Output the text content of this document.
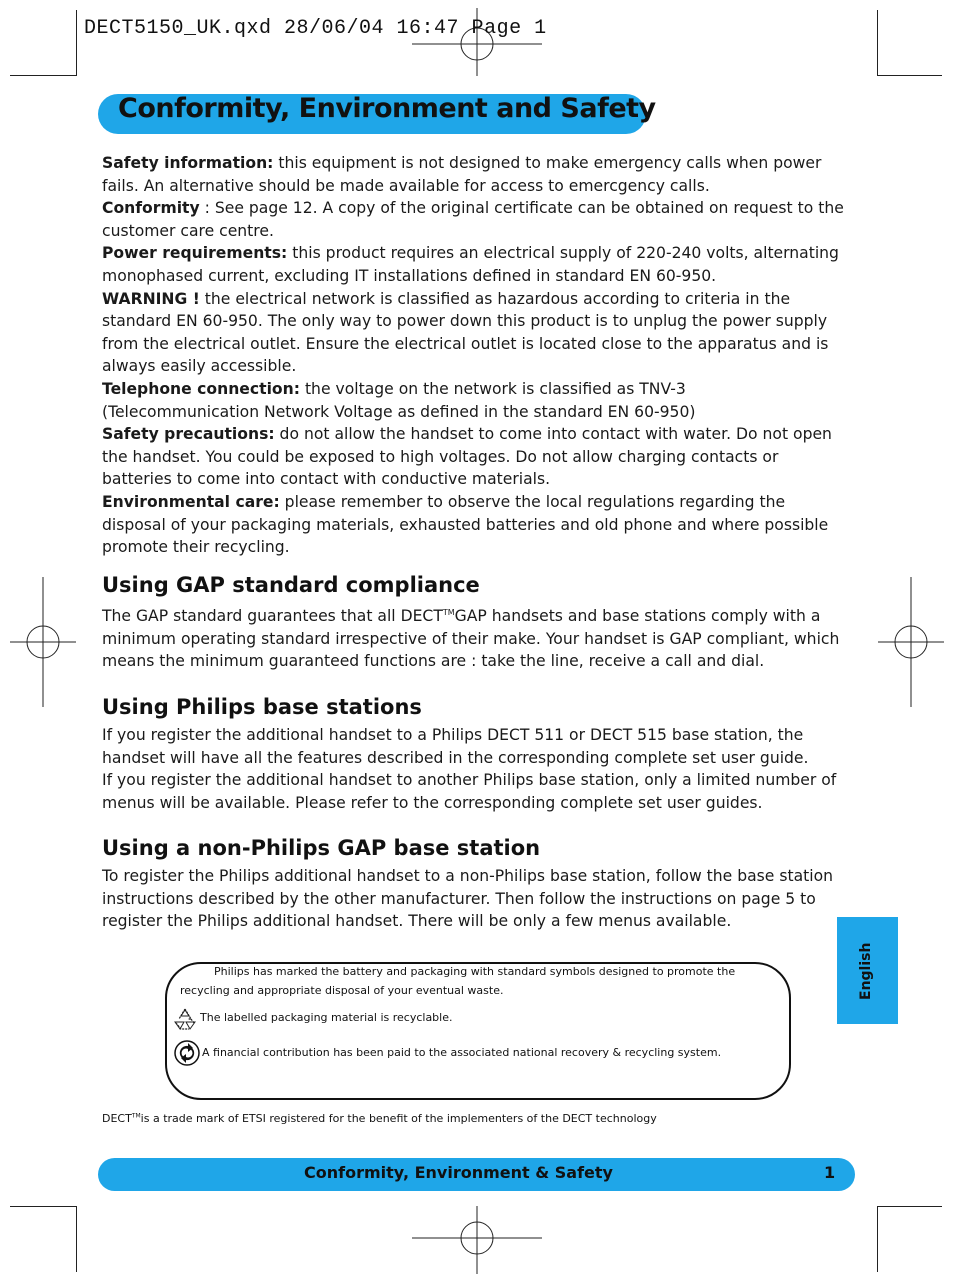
DECT5150_UK.qxd 28/06/04 16:47 Page 1
Conformity, Environment and Safety

Safety information: this equipment is not designed to make emergency calls when power fails. An alternative should be made available for access to emercgency calls.

Conformity : See page 12. A copy of the original certificate can be obtained on request to the customer care centre.

Power requirements: this product requires an electrical supply of 220-240 volts, alternating monophased current, excluding IT installations defined in standard EN 60-950.

WARNING ! the electrical network is classified as hazardous according to criteria in the standard EN 60-950. The only way to power down this product is to unplug the power supply from the electrical outlet. Ensure the electrical outlet is located close to the apparatus and is always easily accessible.

Telephone connection: the voltage on the network is classified as TNV-3 (Telecommunication Network Voltage as defined in the standard EN 60-950)

Safety precautions: do not allow the handset to come into contact with water. Do not open the handset. You could be exposed to high voltages. Do not allow charging contacts or batteries to come into contact with conductive materials.

Environmental care: please remember to observe the local regulations regarding the disposal of your packaging materials, exhausted batteries and old phone and where possible promote their recycling.

Using GAP standard compliance

The GAP standard guarantees that all DECT™GAP handsets and base stations comply with a minimum operating standard irrespective of their make. Your handset is GAP compliant, which means the minimum guaranteed functions are : take the line, receive a call and dial.

Using Philips base stations

If you register the additional handset to a Philips DECT 511 or DECT 515 base station, the handset will have all the features described in the corresponding complete set user guide.

If you register the additional handset to another Philips base station, only a limited number of menus will be available. Please refer to the corresponding complete set user guides.

Using a non-Philips GAP base station

To register the Philips additional handset to a non-Philips base station, follow the base station instructions described by the other manufacturer. Then follow the instructions on page 5 to register the Philips additional handset. There will be only a few menus available.

English
Philips has marked the battery and packaging with standard symbols designed to promote the
recycling and appropriate disposal of your eventual waste.
The labelled packaging material is recyclable.
A financial contribution has been paid to the associated national recovery & recycling system.
DECT™is a trade mark of ETSI registered for the benefit of the implementers of the DECT technology
Conformity, Environment & Safety	1
